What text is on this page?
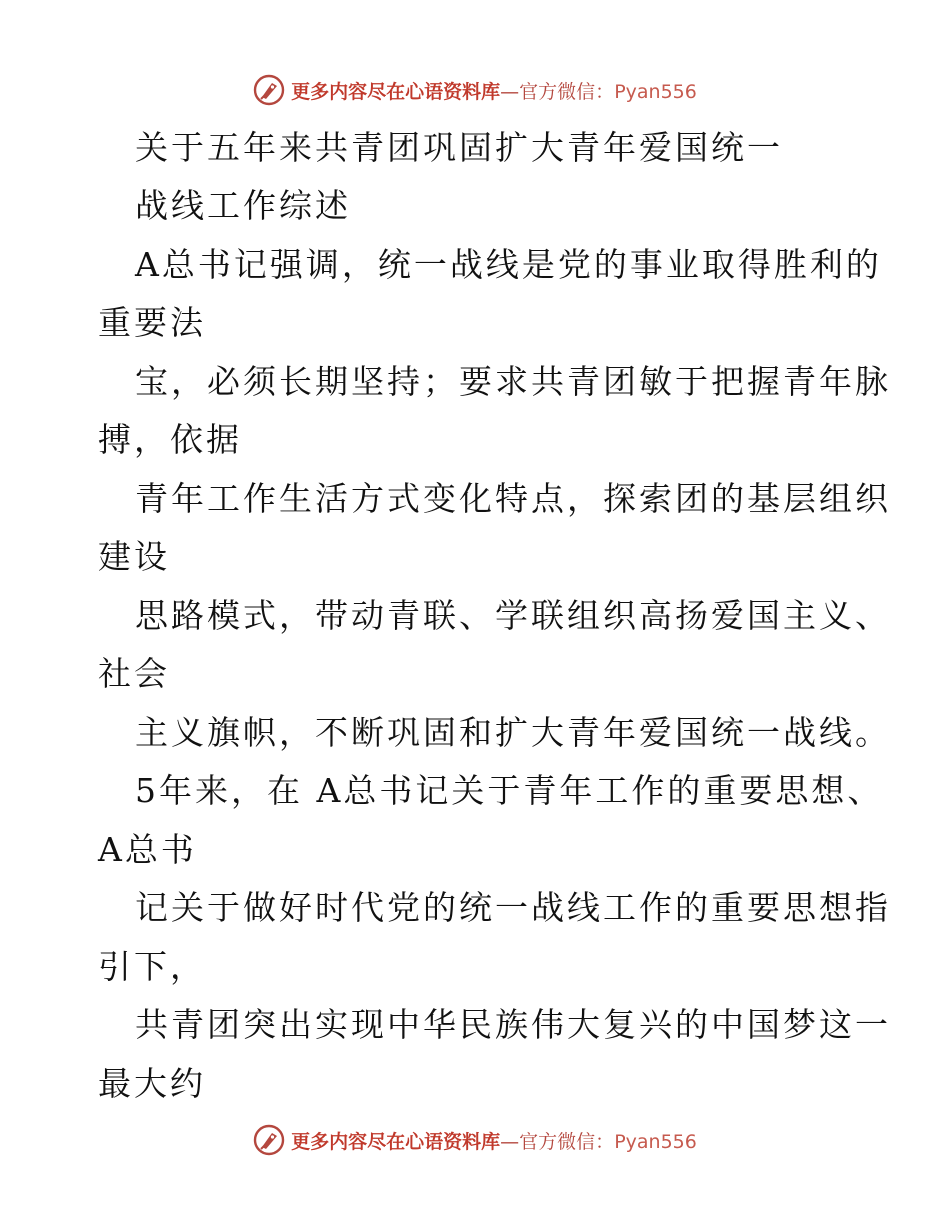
更多内容尽在心语资料库—官方微信：Pyan556
关于五年来共青团巩固扩大青年爱国统一
战线工作综述
A总书记强调，统一战线是党的事业取得胜利的
重要法
宝，必须长期坚持；要求共青团敏于把握青年脉
搏，依据
青年工作生活方式变化特点，探索团的基层组织
建设
思路模式，带动青联、学联组织高扬爱国主义、
社会
主义旗帜，不断巩固和扩大青年爱国统一战线。
5年来，在 A总书记关于青年工作的重要思想、
A总书
记关于做好时代党的统一战线工作的重要思想指
引下，
共青团突出实现中华民族伟大复兴的中国梦这一
最大约
更多内容尽在心语资料库—官方微信：Pyan556
